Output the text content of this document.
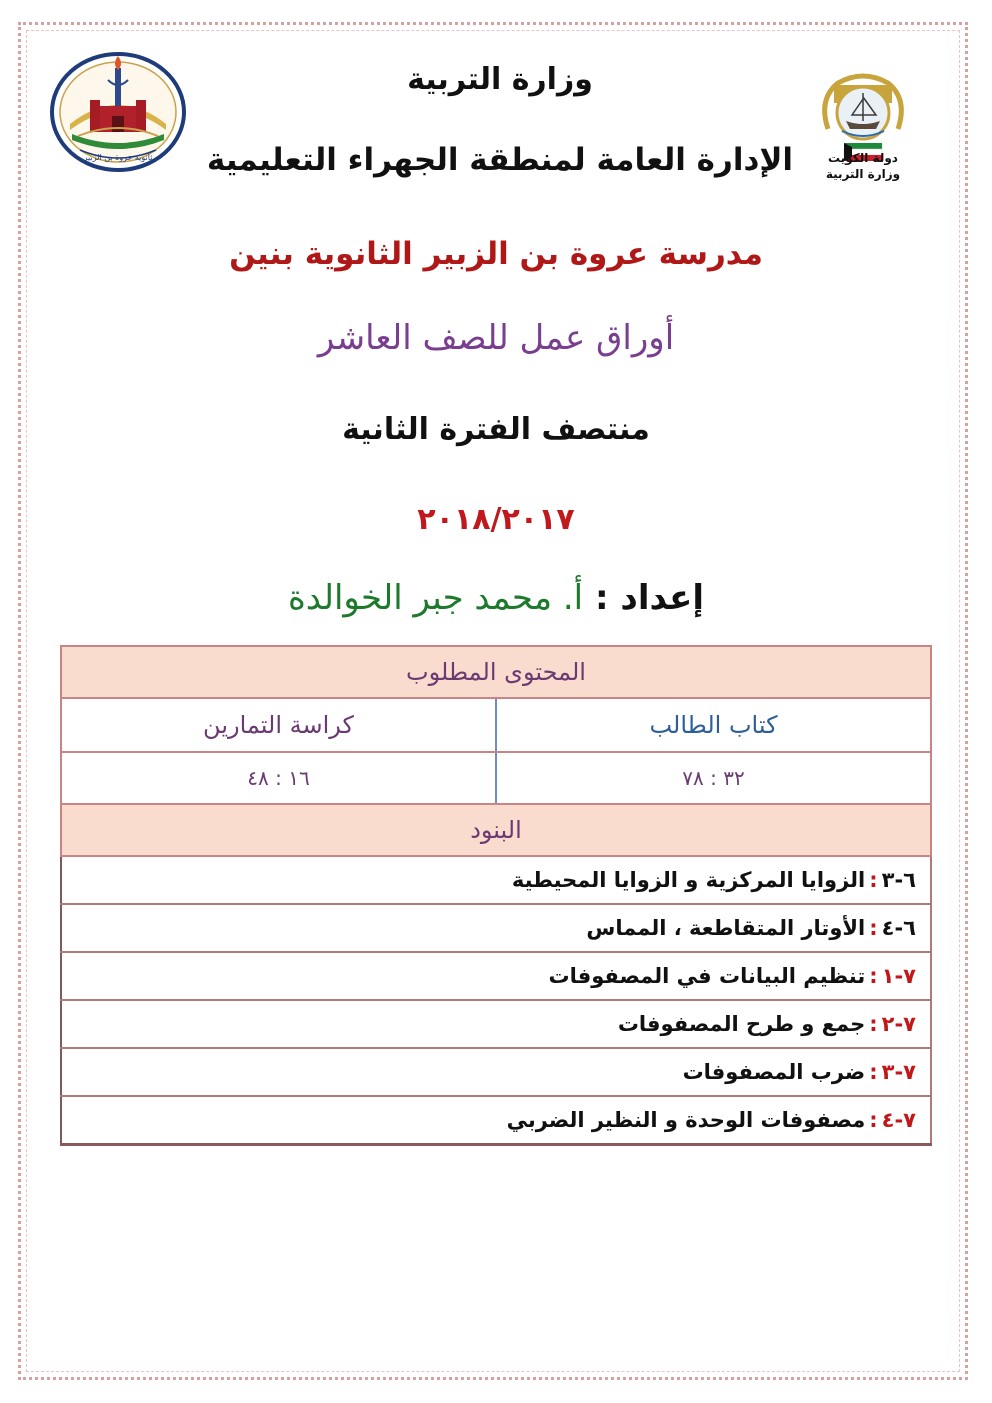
ثانوية عروة بن الزبير	دولة الكويت
وزارة التربية

وزارة التربية

الإدارة العامة لمنطقة الجهراء التعليمية

مدرسة عروة بن الزبير الثانوية بنين

أوراق عمل للصف العاشر

منتصف الفترة الثانية

٢٠١٨/٢٠١٧

إعداد : أ. محمد جبر الخوالدة

المحتوى المطلوب	
كتاب الطالب	كراسة التمارين
٣٢ : ٧٨	١٦ : ٤٨
البنود	
٦-٣:الزوايا المركزية و الزوايا المحيطية	
٦-٤:الأوتار المتقاطعة ، المماس	
٧-١:تنظيم البيانات في المصفوفات	
٧-٢:جمع و طرح المصفوفات	
٧-٣:ضرب المصفوفات	
٧-٤:مصفوفات الوحدة و النظير الضربي	
